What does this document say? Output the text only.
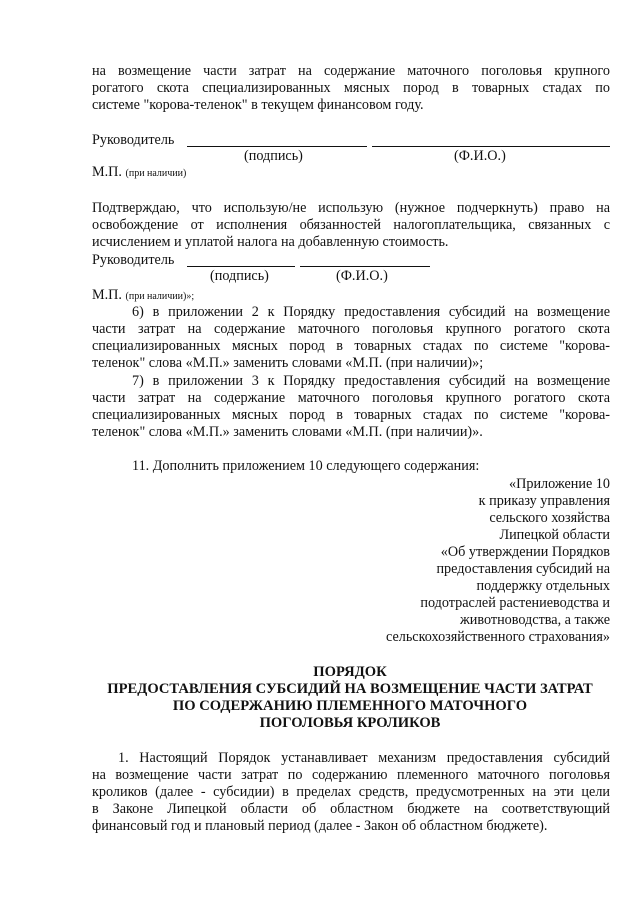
на возмещение части затрат на содержание маточного поголовья крупного
рогатого скота специализированных мясных пород в товарных стадах по
системе "корова-теленок" в текущем финансовом году.
Руководитель
(подпись)	(Ф.И.О.)
М.П. (при наличии)
Подтверждаю, что использую/не использую (нужное подчеркнуть) право на
освобождение от исполнения обязанностей налогоплательщика, связанных с
исчислением и уплатой налога на добавленную стоимость.
Руководитель
(подпись)	(Ф.И.О.)
М.П. (при наличии)»;
6) в приложении 2 к Порядку предоставления субсидий на возмещение
части затрат на содержание маточного поголовья крупного рогатого скота
специализированных мясных пород в товарных стадах по системе "корова-
теленок" слова «М.П.» заменить словами «М.П. (при наличии)»;
7) в приложении 3 к Порядку предоставления субсидий на возмещение
части затрат на содержание маточного поголовья крупного рогатого скота
специализированных мясных пород в товарных стадах по системе "корова-
теленок" слова «М.П.» заменить словами «М.П. (при наличии)».
11. Дополнить приложением 10 следующего содержания:
«Приложение 10
к приказу управления
сельского хозяйства
Липецкой области
«Об утверждении Порядков
предоставления субсидий на
поддержку отдельных
подотраслей растениеводства и
животноводства, а также
сельскохозяйственного страхования»
ПОРЯДОК
ПРЕДОСТАВЛЕНИЯ СУБСИДИЙ НА ВОЗМЕЩЕНИЕ ЧАСТИ ЗАТРАТ
ПО СОДЕРЖАНИЮ ПЛЕМЕННОГО МАТОЧНОГО
ПОГОЛОВЬЯ КРОЛИКОВ
1. Настоящий Порядок устанавливает механизм предоставления субсидий
на возмещение части затрат по содержанию племенного маточного поголовья
кроликов (далее - субсидии) в пределах средств, предусмотренных на эти цели
в Законе Липецкой области об областном бюджете на соответствующий
финансовый год и плановый период (далее - Закон об областном бюджете).
